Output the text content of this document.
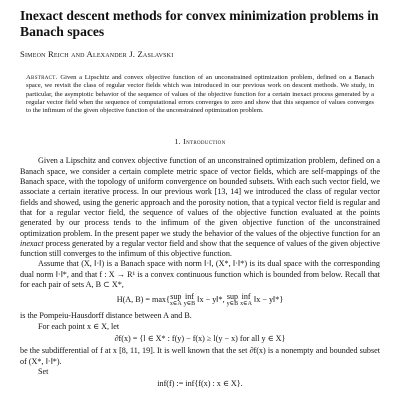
Inexact descent methods for convex minimization problems in Banach spaces
Simeon Reich and Alexander J. Zaslavski
Abstract. Given a Lipschitz and convex objective function of an unconstrained optimization problem, defined on a Banach space, we revisit the class of regular vector fields which was introduced in our previous work on descent methods. We study, in particular, the asymptotic behavior of the sequence of values of the objective function for a certain inexact process generated by a regular vector field when the sequence of computational errors converges to zero and show that this sequence of values converges to the infimum of the given objective function of the unconstrained optimization problem.
1. Introduction

Given a Lipschitz and convex objective function of an unconstrained optimization problem, defined on a Banach space, we consider a certain complete metric space of vector fields, which are self-mappings of the Banach space, with the topology of uniform convergence on bounded subsets. With each such vector field, we associate a certain iterative process. In our previous work [13, 14] we introduced the class of regular vector fields and showed, using the generic approach and the porosity notion, that a typical vector field is regular and that for a regular vector field, the sequence of values of the objective function evaluated at the points generated by our process tends to the infimum of the given objective function of the unconstrained optimization problem. In the present paper we study the behavior of the values of the objective function for an inexact process generated by a regular vector field and show that the sequence of values of the given objective function still converges to the infimum of this objective function.

Assume that (X, ‖·‖) is a Banach space with norm ‖·‖, (X*, ‖·‖*) is its dual space with the corresponding dual norm ‖·‖*, and that f : X → R¹ is a convex continuous function which is bounded from below. Recall that for each pair of sets A, B ⊂ X*,

H(A, B) = max{ sup
x∈A

inf
y∈B ‖x − y‖*, sup
y∈B

inf
x∈A ‖x − y‖*}

is the Pompeiu-Hausdorff distance between A and B.

For each point x ∈ X, let

∂f(x) = {l ∈ X* : f(y) − f(x) ≥ l(y − x) for all y ∈ X}

be the subdifferential of f at x [8, 11, 19]. It is well known that the set ∂f(x) is a nonempty and bounded subset of (X*, ‖·‖*).

Set

inf(f) := inf{f(x) : x ∈ X}.
